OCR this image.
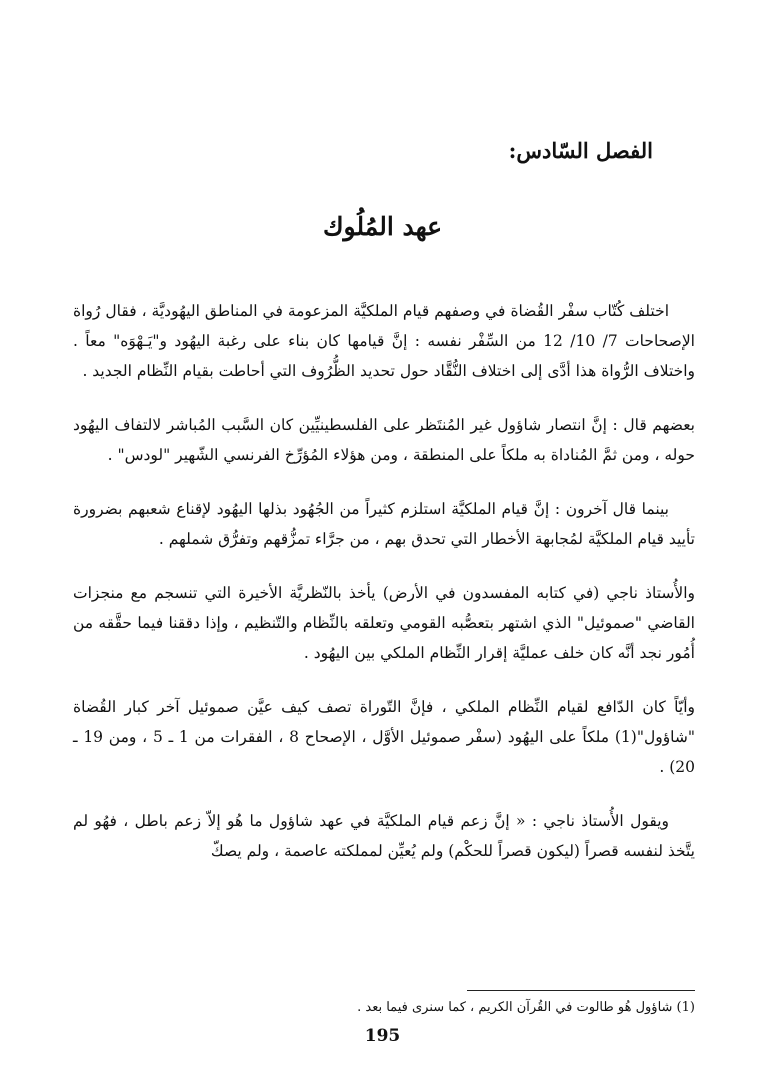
الفصل السّادس:
عهد المُلُوك

اختلف كُتّاب سفْر القُضاة في وصفهم قيام الملكيَّة المزعومة في المناطق اليهُوديَّة ، فقال رُواة الإصحاحات 7/ 10/ 12 من السِّفْر نفسه : إنَّ قيامها كان بناء على رغبة اليهُود و"يَـهْوَه" معاً . واختلاف الرُّواة هذا أدَّى إلى اختلاف النُّقَّاد حول تحديد الظُّرُوف التي أحاطت بقيام النِّظام الجديد .

بعضهم قال : إنَّ انتصار شاؤول غير المُنتَظر على الفلسطينيِّين كان السَّبب المُباشر لالتفاف اليهُود حوله ، ومن ثمَّ المُناداة به ملكاً على المنطقة ، ومن هؤلاء المُؤرِّخ الفرنسي الشّهير "لودس" .

بينما قال آخرون : إنَّ قيام الملكيَّة استلزم كثيراً من الجُهُود بذلها اليهُود لإقناع شعبهم بضرورة تأييد قيام الملكيَّة لمُجابهة الأخطار التي تحدق بهم ، من جرَّاء تمزُّقهم وتفرُّق شملهم .

والأُستاذ ناجي (في كتابه المفسدون في الأرض) يأخذ بالنّظريَّة الأخيرة التي تنسجم مع منجزات القاضي "صموئيل" الذي اشتهر بتعصُّبه القومي وتعلقه بالنِّظام والتّنظيم ، وإذا دققنا فيما حقَّقه من أُمُور نجد أنَّه كان خلف عمليَّة إقرار النِّظام الملكي بين اليهُود .

وأيّاً كان الدّافع لقيام النِّظام الملكي ، فإنَّ التّوراة تصف كيف عيَّن صموئيل آخر كبار القُضاة "شاؤول"(1) ملكاً على اليهُود (سفْر صموئيل الأوَّل ، الإصحاح 8 ، الفقرات من 1 ـ 5 ، ومن 19 ـ 20) .

ويقول الأُستاذ ناجي : « إنَّ زعم قيام الملكيَّة في عهد شاؤول ما هُو إلاّ زعم باطل ، فهُو لم يتَّخذ لنفسه قصراً (ليكون قصراً للحكْم) ولم يُعيِّن لمملكته عاصمة ، ولم يصكّ

(1) شاؤول هُو طالوت في القُرآن الكريم ، كما سنرى فيما بعد .

195
